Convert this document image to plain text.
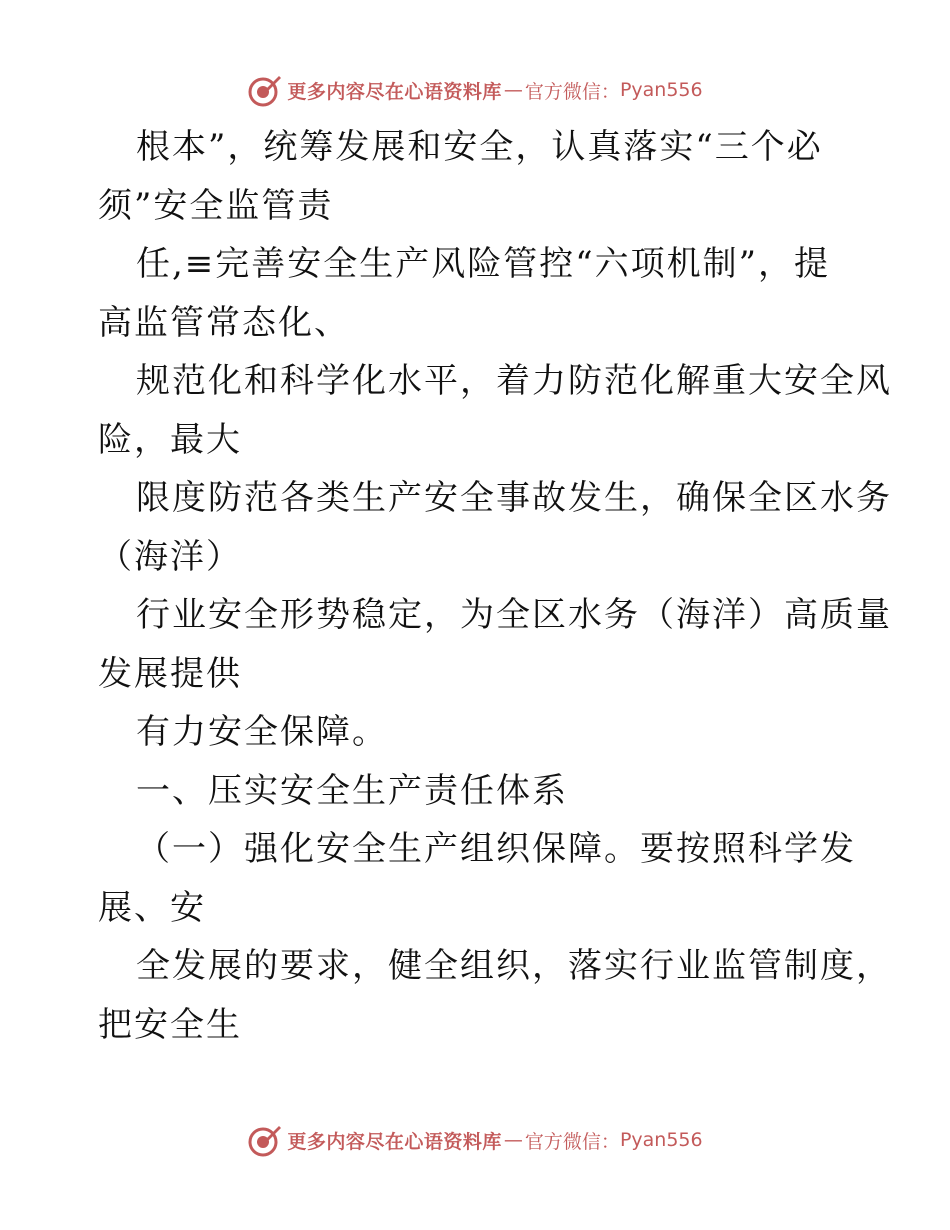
更多内容尽在心语资料库 — 官方微信： Pyan556
根本”，统筹发展和安全，认真落实“三个必
须”安全监管责
任,≡完善安全生产风险管控“六项机制”，提
高监管常态化、
规范化和科学化水平，着力防范化解重大安全风
险，最大
限度防范各类生产安全事故发生，确保全区水务
（海洋）
行业安全形势稳定，为全区水务（海洋）高质量
发展提供
有力安全保障。
一、压实安全生产责任体系
（一）强化安全生产组织保障。要按照科学发
展、安
全发展的要求，健全组织，落实行业监管制度，
把安全生
更多内容尽在心语资料库 — 官方微信： Pyan556
